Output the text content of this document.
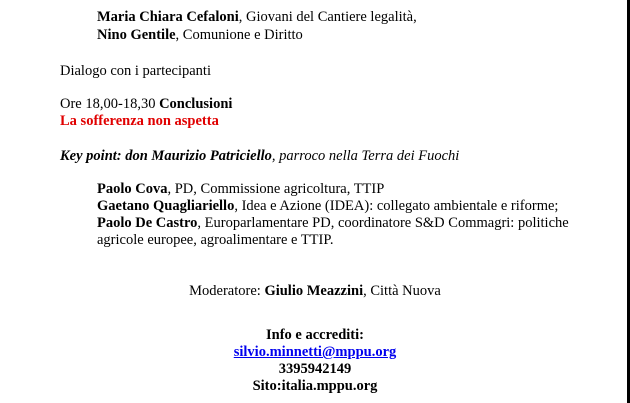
Maria Chiara Cefaloni, Giovani del Cantiere legalità,
Nino Gentile, Comunione e Diritto
Dialogo con i partecipanti
Ore 18,00-18,30 Conclusioni
La sofferenza non aspetta
Key point: don Maurizio Patriciello, parroco nella Terra dei Fuochi
Paolo Cova, PD, Commissione agricoltura, TTIP
Gaetano Quagliariello, Idea e Azione (IDEA): collegato ambientale e riforme;
Paolo De Castro, Europarlamentare PD, coordinatore S&D Commagri: politiche
agricole europee, agroalimentare e TTIP.
Moderatore: Giulio Meazzini, Città Nuova
Info e accrediti:
silvio.minnetti@mppu.org
3395942149
Sito:italia.mppu.org
